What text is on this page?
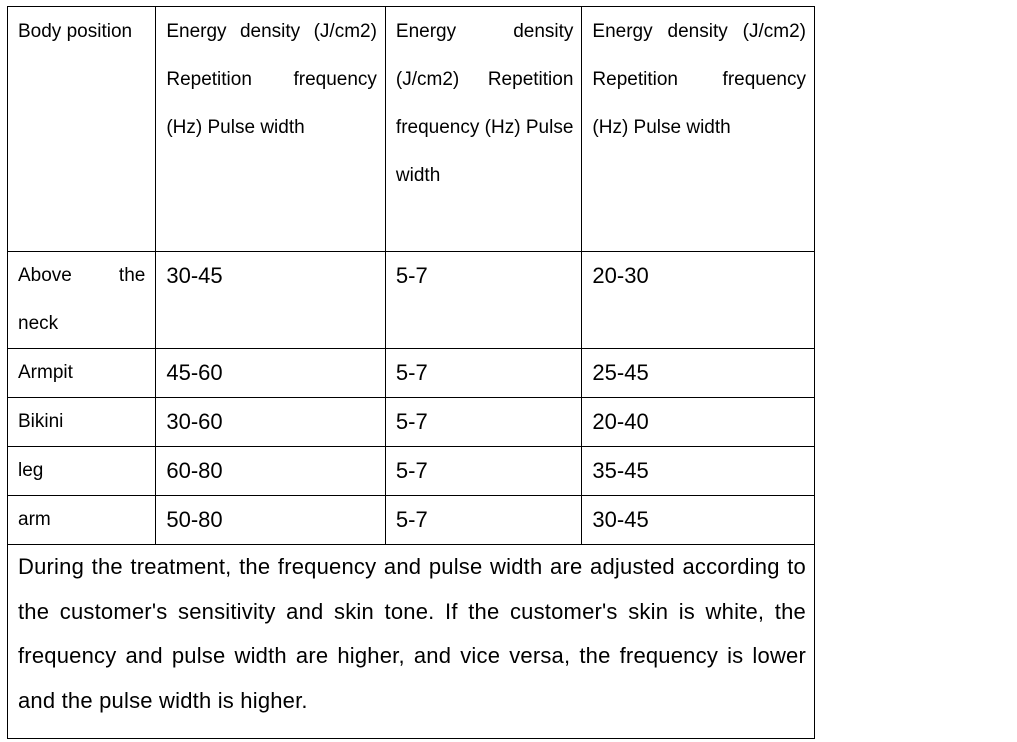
Body position	Energy density (J/cm2) Repetition frequency (Hz) Pulse width	Energy density (J/cm2) Repetition frequency (Hz) Pulse width	Energy density (J/cm2) Repetition frequency (Hz) Pulse width

Above the neck	30-45	5-7	20-30

Armpit	45-60	5-7	25-45

Bikini	30-60	5-7	20-40

leg	60-80	5-7	35-45

arm	50-80	5-7	30-45

During the treatment, the frequency and pulse width are adjusted according to the customer's sensitivity and skin tone. If the customer's skin is white, the frequency and pulse width are higher, and vice versa, the frequency is lower and the pulse width is higher.			
